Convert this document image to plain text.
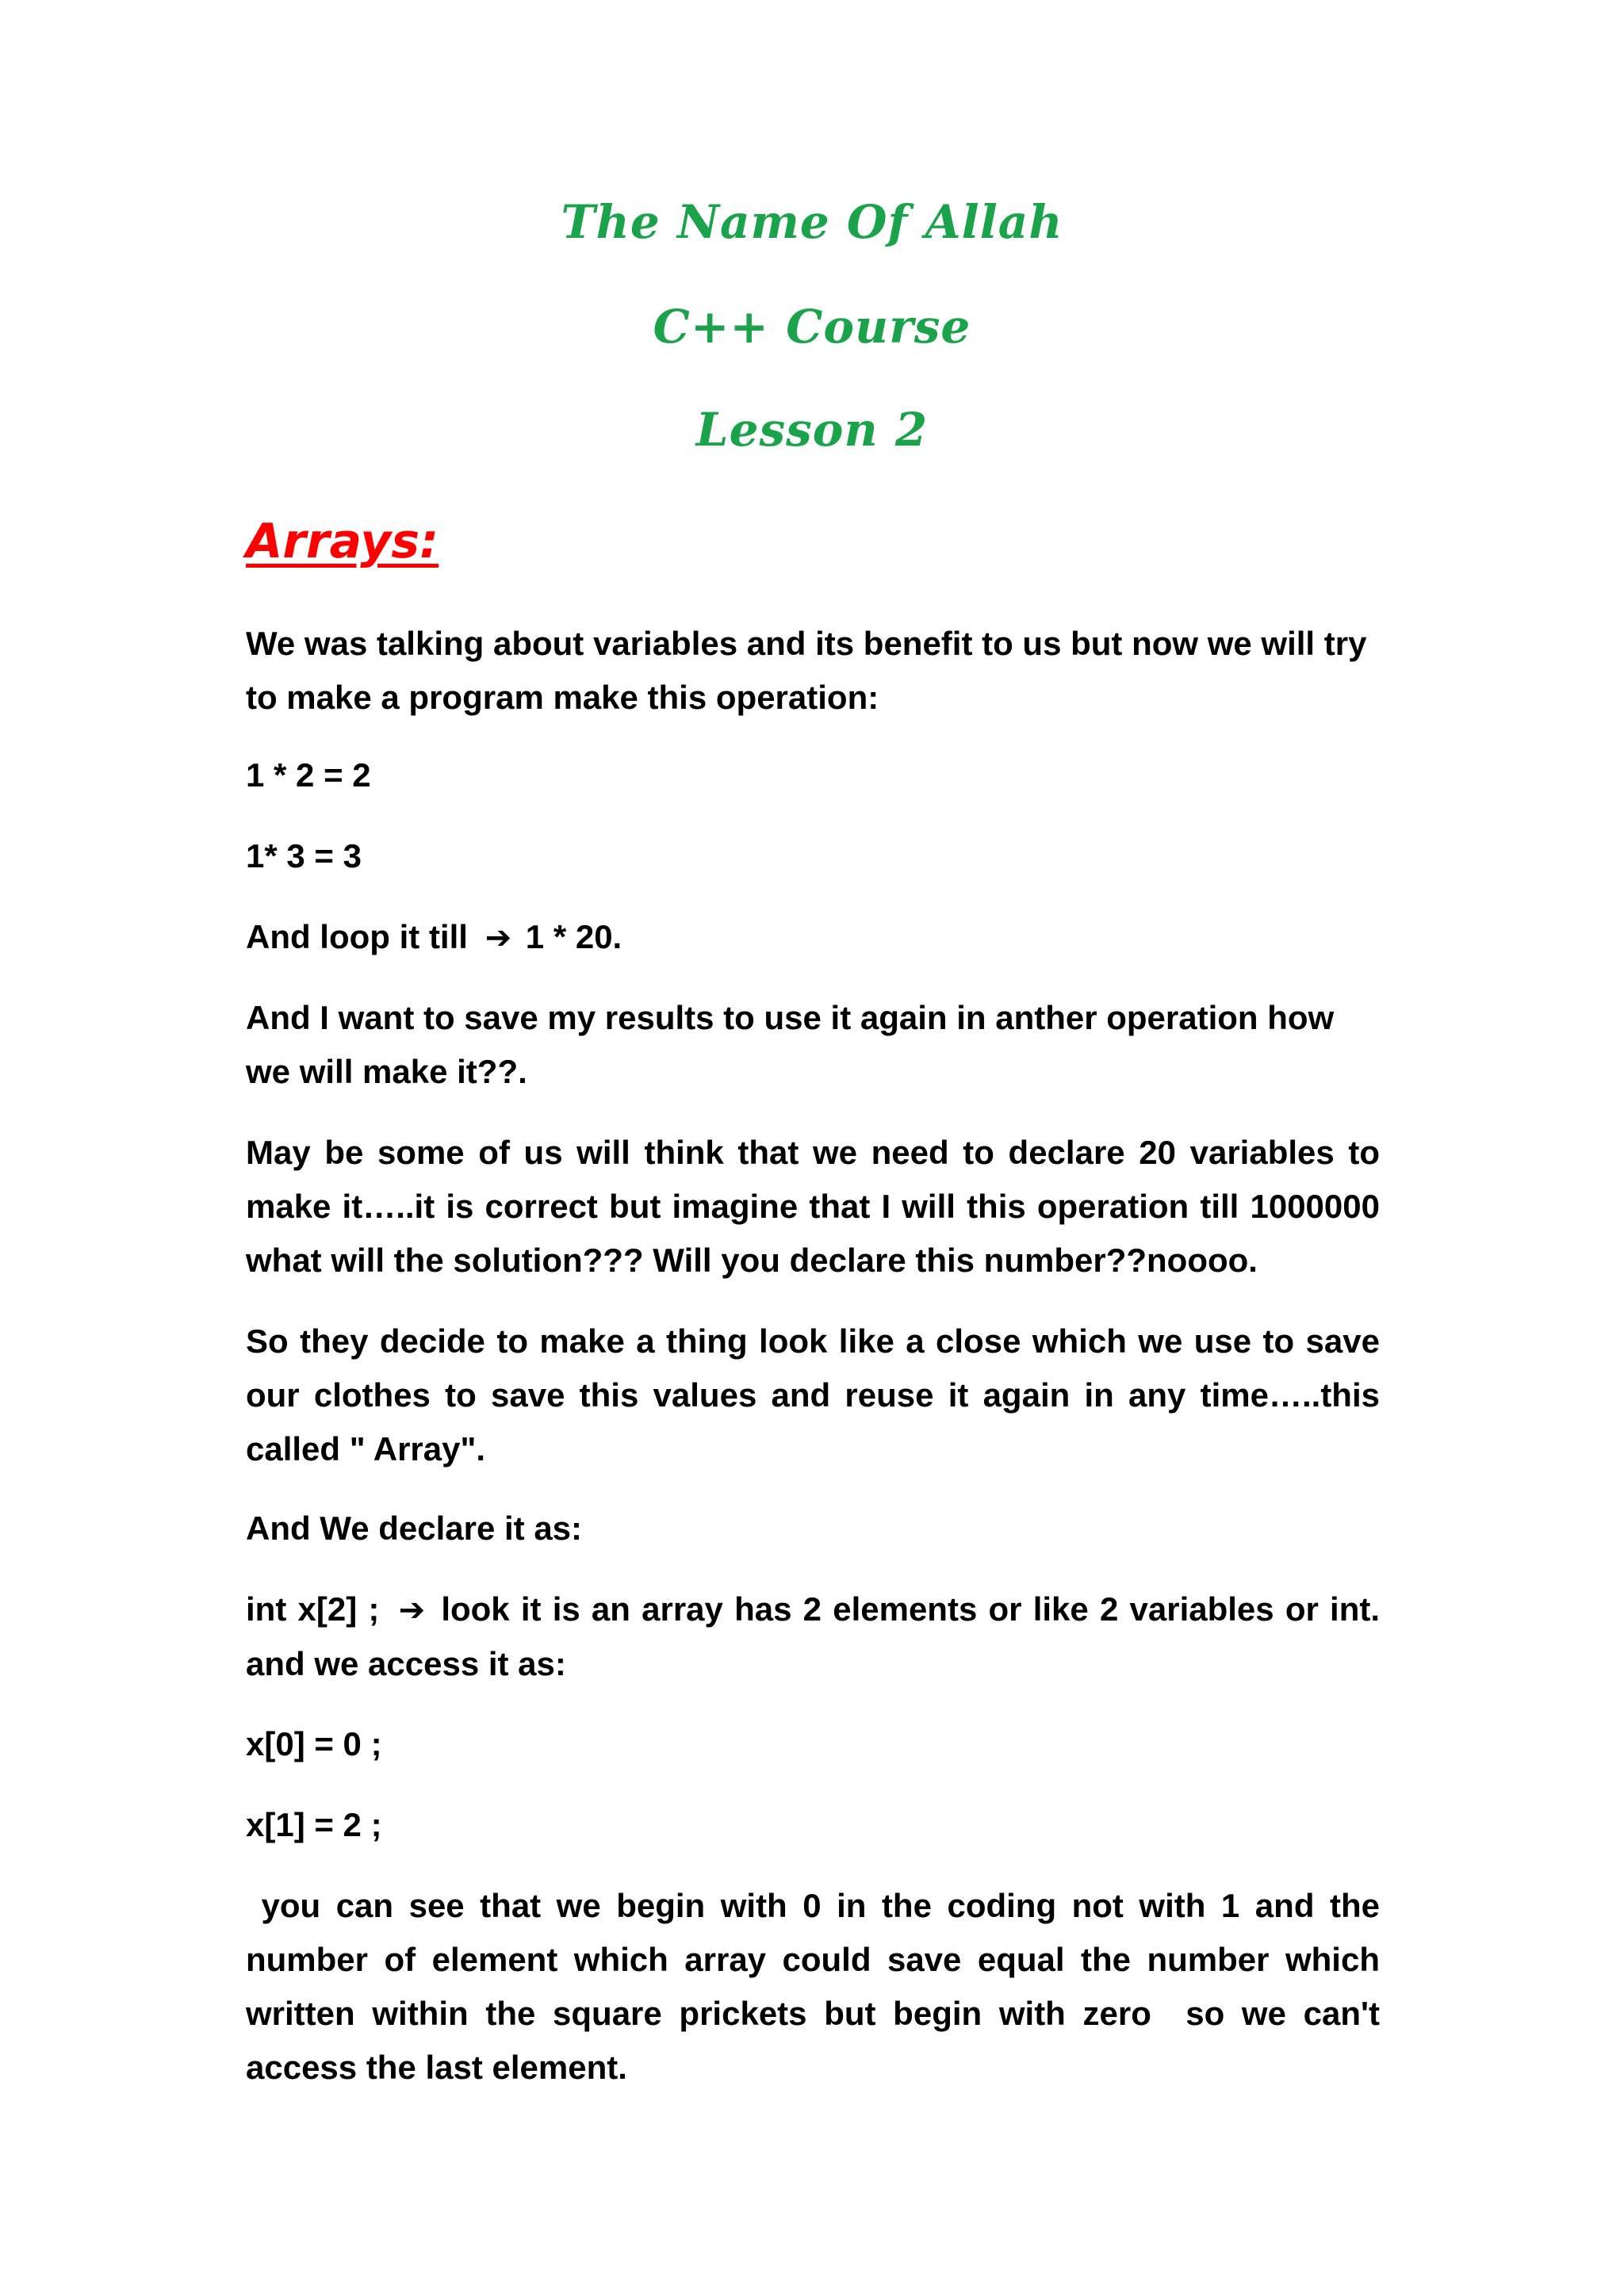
The Name Of Allah
C++ Course
Lesson 2
Arrays:
We was talking about variables and its benefit to us but now we will try to make a program make this operation:
1 * 2 = 2
1* 3 = 3
And loop it till ➔ 1 * 20.
And I want to save my results to use it again in anther operation how we will make it??.
May be some of us will think that we need to declare 20 variables to make it…..it is correct but imagine that I will this operation till 1000000 what will the solution??? Will you declare this number??noooo.
So they decide to make a thing look like a close which we use to save our clothes to save this values and reuse it again in any time…..this called " Array".
And We declare it as:
int x[2] ; ➔ look it is an array has 2 elements or like 2 variables or int. and we access it as:
x[0] = 0 ;
x[1] = 2 ;
you can see that we begin with 0 in the coding not with 1 and the number of element which array could save equal the number which written within the square prickets but begin with zero  so we can't access the last element.
